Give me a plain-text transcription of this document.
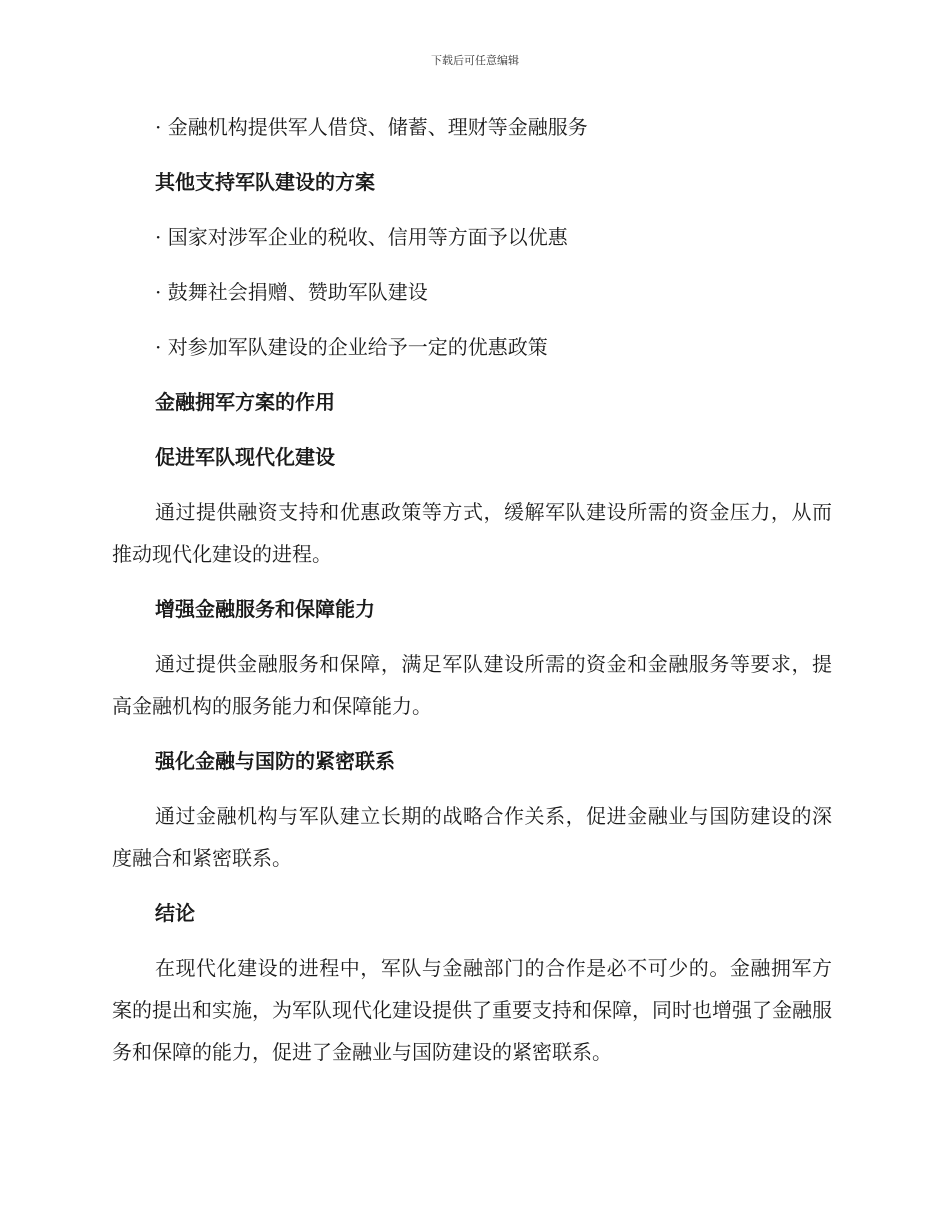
下载后可任意编辑

· 金融机构提供军人借贷、储蓄、理财等金融服务

其他支持军队建设的方案

· 国家对涉军企业的税收、信用等方面予以优惠

· 鼓舞社会捐赠、赞助军队建设

· 对参加军队建设的企业给予一定的优惠政策

金融拥军方案的作用

促进军队现代化建设

通过提供融资支持和优惠政策等方式，缓解军队建设所需的资金压力，从而推动现代化建设的进程。

增强金融服务和保障能力

通过提供金融服务和保障，满足军队建设所需的资金和金融服务等要求，提高金融机构的服务能力和保障能力。

强化金融与国防的紧密联系

通过金融机构与军队建立长期的战略合作关系，促进金融业与国防建设的深度融合和紧密联系。

结论

在现代化建设的进程中，军队与金融部门的合作是必不可少的。金融拥军方案的提出和实施，为军队现代化建设提供了重要支持和保障，同时也增强了金融服务和保障的能力，促进了金融业与国防建设的紧密联系。
